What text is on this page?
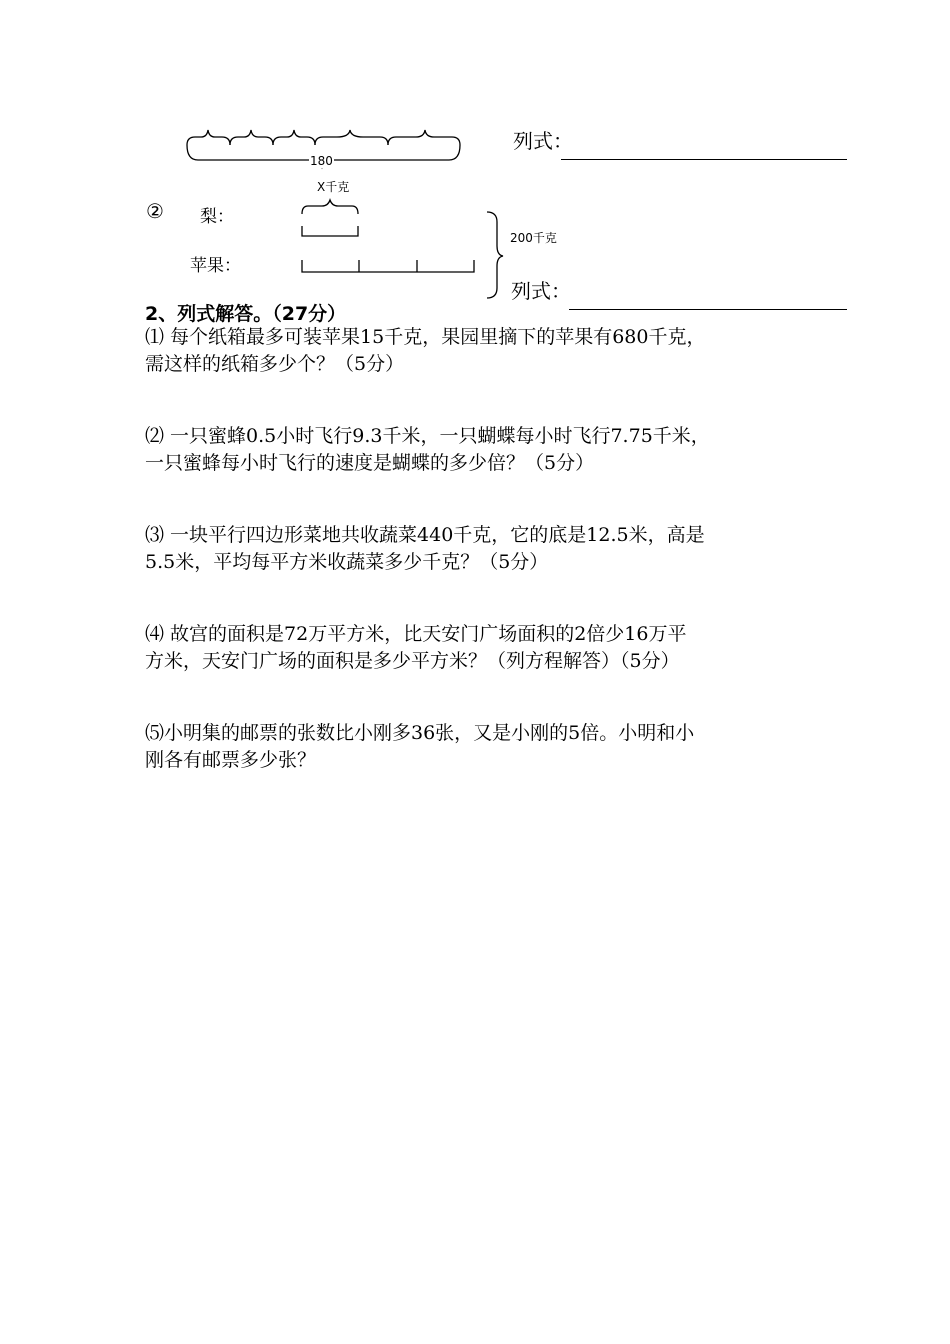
180
X千克
列式：
② 梨：
苹果：
200千克
列式：
2、列式解答。（27分）
⑴ 每个纸箱最多可装苹果15千克，果园里摘下的苹果有680千克，
需这样的纸箱多少个？（5分）
⑵ 一只蜜蜂0.5小时飞行9.3千米，一只蝴蝶每小时飞行7.75千米，
一只蜜蜂每小时飞行的速度是蝴蝶的多少倍？（5分）
⑶ 一块平行四边形菜地共收蔬菜440千克，它的底是12.5米，高是
5.5米，平均每平方米收蔬菜多少千克？（5分）
⑷ 故宫的面积是72万平方米，比天安门广场面积的2倍少16万平
方米，天安门广场的面积是多少平方米？（列方程解答）（5分）
⑸小明集的邮票的张数比小刚多36张，又是小刚的5倍。小明和小
刚各有邮票多少张？
